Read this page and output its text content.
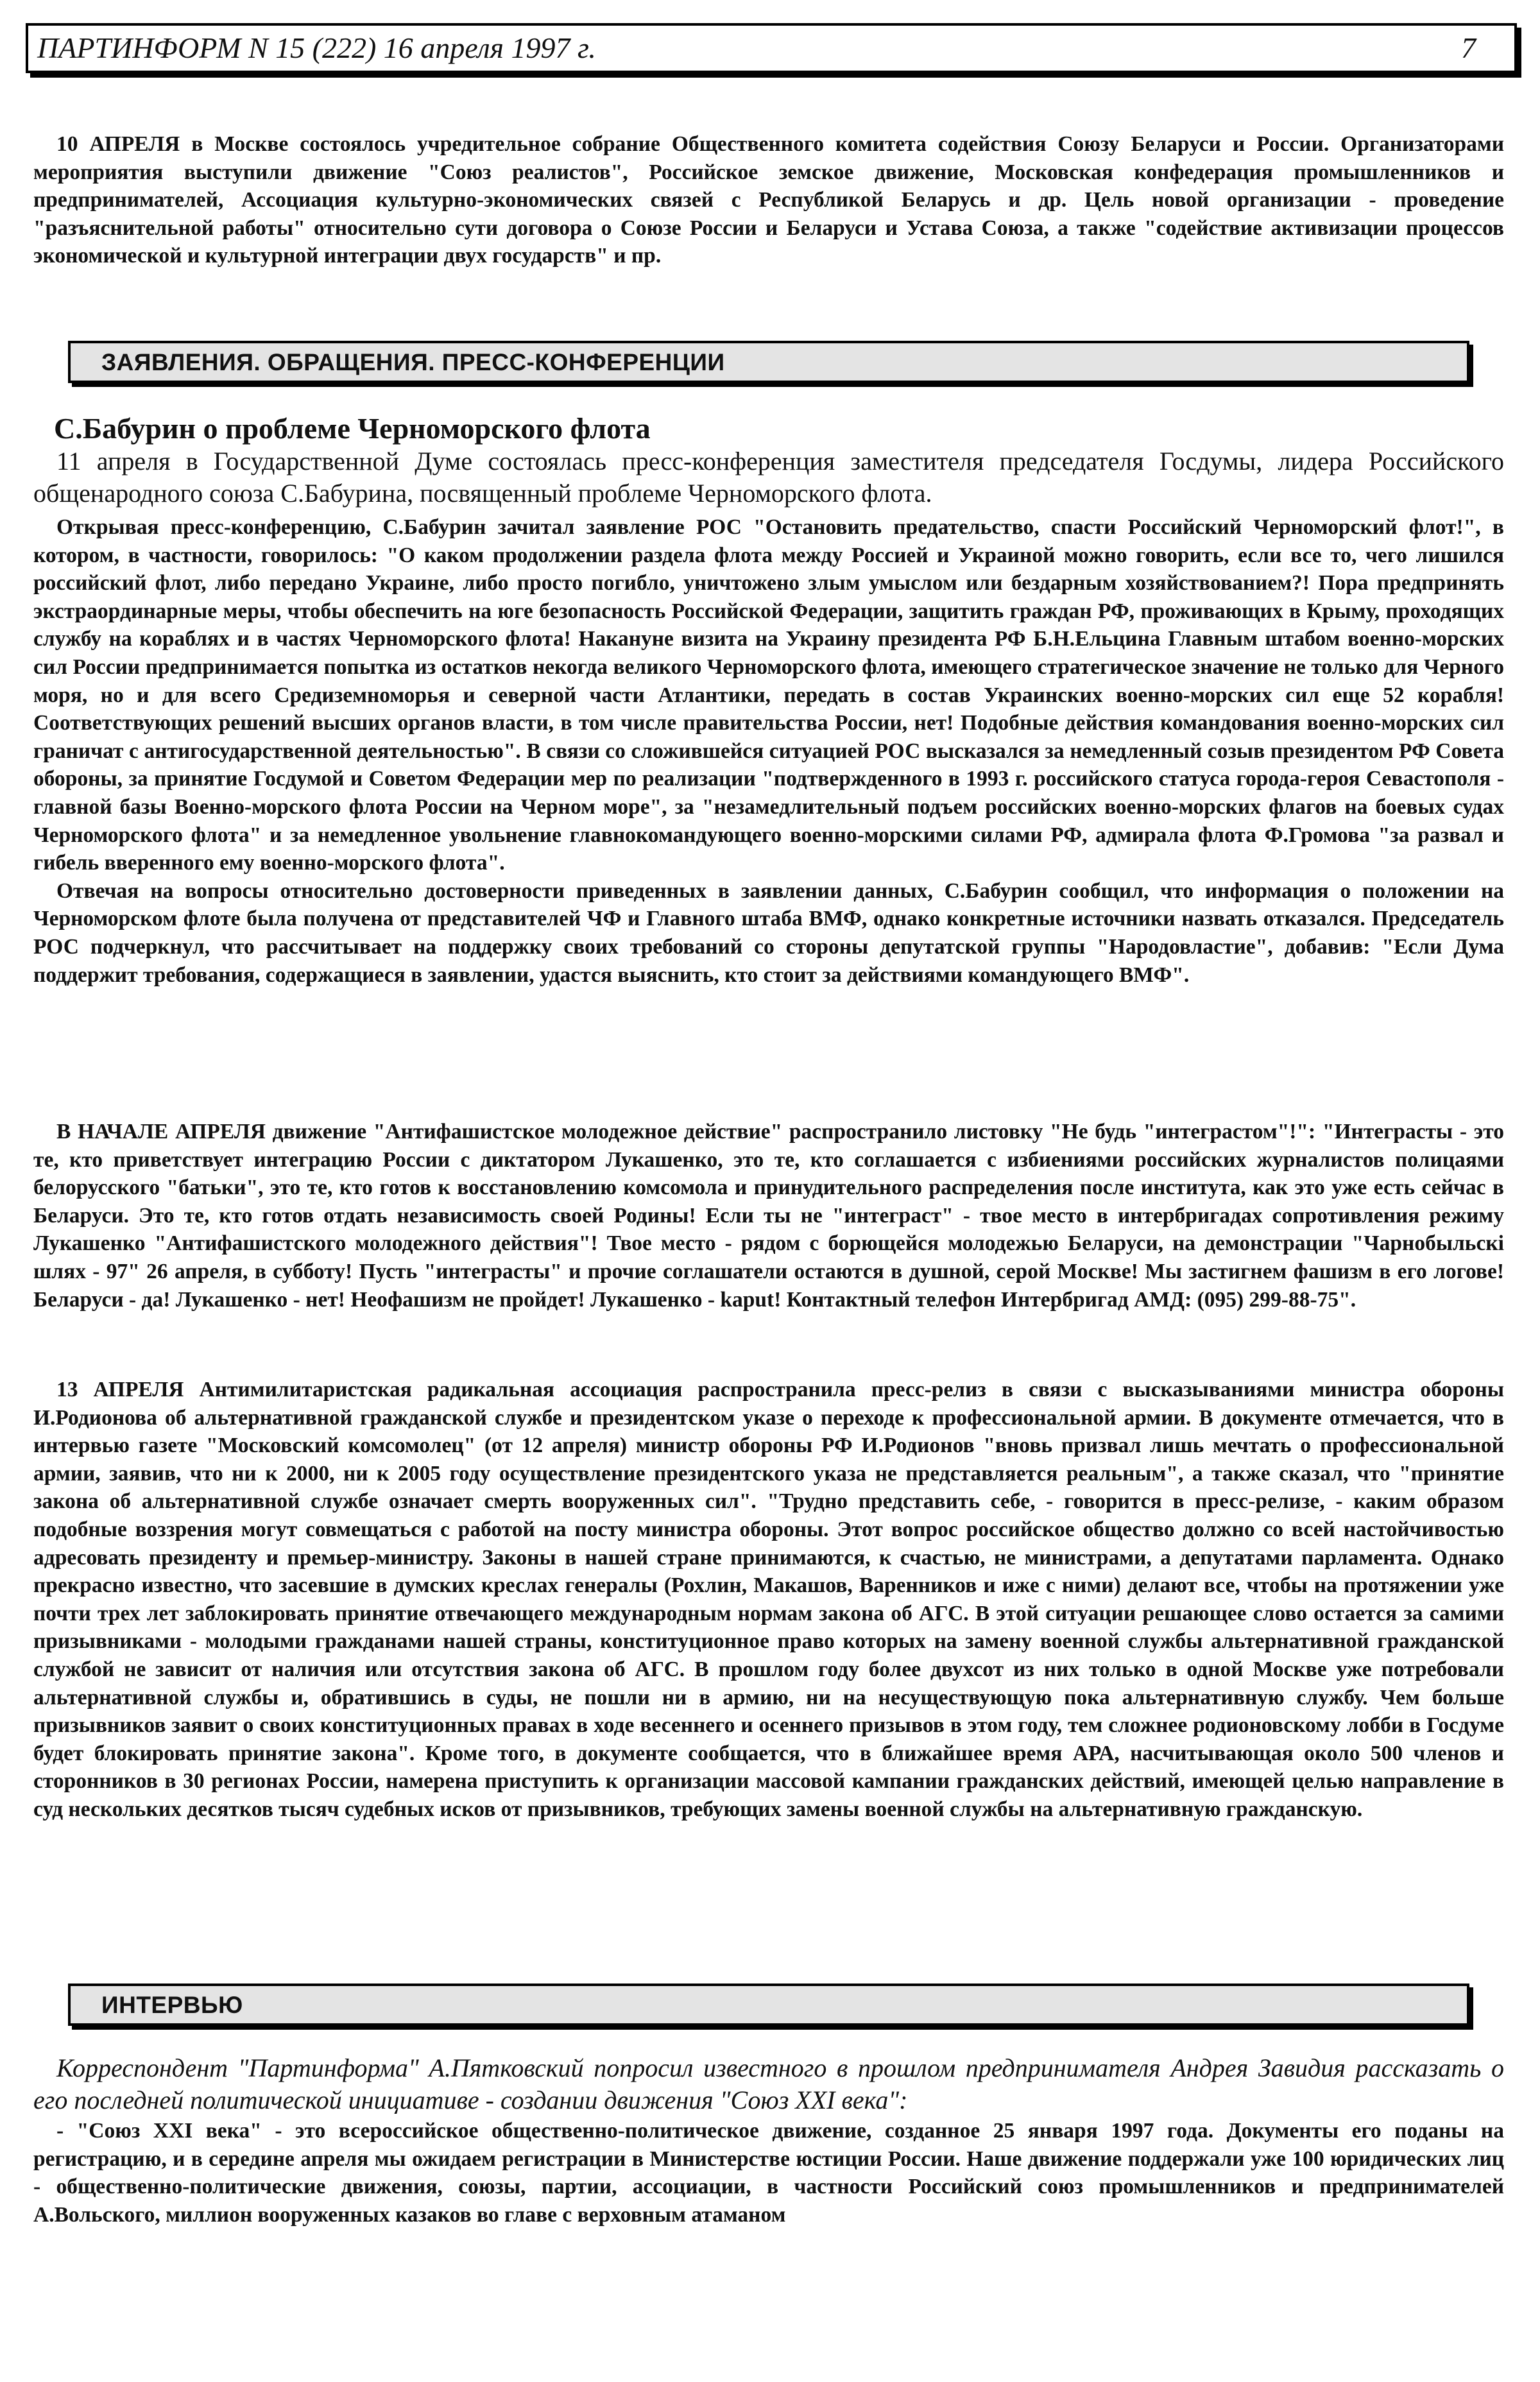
ПАРТИНФОРМ N 15 (222) 16 апреля 1997 г.	7

10 АПРЕЛЯ в Москве состоялось учредительное собрание Общественного комитета содействия Союзу Беларуси и России. Организаторами мероприятия выступили движение "Союз реалистов", Российское земское движение, Московская конфедерация промышленников и предпринимателей, Ассоциация культурно-экономических связей с Республикой Беларусь и др. Цель новой организации - проведение "разъяснительной работы" относительно сути договора о Союзе России и Беларуси и Устава Союза, а также "содействие активизации процессов экономической и культурной интеграции двух государств" и пр.

ЗАЯВЛЕНИЯ. ОБРАЩЕНИЯ. ПРЕСС-КОНФЕРЕНЦИИ
С.Бабурин о проблеме Черноморского флота
11 апреля в Государственной Думе состоялась пресс-конференция заместителя председателя Госдумы, лидера Российского общенародного союза С.Бабурина, посвященный проблеме Черноморского флота.

Открывая пресс-конференцию, С.Бабурин зачитал заявление РОС "Остановить предательство, спасти Российский Черноморский флот!", в котором, в частности, говорилось: "О каком продолжении раздела флота между Россией и Украиной можно говорить, если все то, чего лишился российский флот, либо передано Украине, либо просто погибло, уничтожено злым умыслом или бездарным хозяйствованием?! Пора предпринять экстраординарные меры, чтобы обеспечить на юге безопасность Российской Федерации, защитить граждан РФ, проживающих в Крыму, проходящих службу на кораблях и в частях Черноморского флота! Накануне визита на Украину президента РФ Б.Н.Ельцина Главным штабом военно-морских сил России предпринимается попытка из остатков некогда великого Черноморского флота, имеющего стратегическое значение не только для Черного моря, но и для всего Средиземноморья и северной части Атлантики, передать в состав Украинских военно-морских сил еще 52 корабля! Соответствующих решений высших органов власти, в том числе правительства России, нет! Подобные действия командования военно-морских сил граничат с антигосударственной деятельностью". В связи со сложившейся ситуацией РОС высказался за немедленный созыв президентом РФ Совета обороны, за принятие Госдумой и Советом Федерации мер по реализации "подтвержденного в 1993 г. российского статуса города-героя Севастополя - главной базы Военно-морского флота России на Черном море", за "незамедлительный подъем российских военно-морских флагов на боевых судах Черноморского флота" и за немедленное увольнение главнокомандующего военно-морскими силами РФ, адмирала флота Ф.Громова "за развал и гибель вверенного ему военно-морского флота".

Отвечая на вопросы относительно достоверности приведенных в заявлении данных, С.Бабурин сообщил, что информация о положении на Черноморском флоте была получена от представителей ЧФ и Главного штаба ВМФ, однако конкретные источники назвать отказался. Председатель РОС подчеркнул, что рассчитывает на поддержку своих требований со стороны депутатской группы "Народовластие", добавив: "Если Дума поддержит требования, содержащиеся в заявлении, удастся выяснить, кто стоит за действиями командующего ВМФ".

В НАЧАЛЕ АПРЕЛЯ движение "Антифашистское молодежное действие" распространило листовку "Не будь "интеграстом"!": "Интеграсты - это те, кто приветствует интеграцию России с диктатором Лукашенко, это те, кто соглашается с избиениями российских журналистов полицаями белорусского "батьки", это те, кто готов к восстановлению комсомола и принудительного распределения после института, как это уже есть сейчас в Беларуси. Это те, кто готов отдать независимость своей Родины! Если ты не "интеграст" - твое место в интербригадах сопротивления режиму Лукашенко "Антифашистского молодежного действия"! Твое место - рядом с борющейся молодежью Беларуси, на демонстрации "Чарнобыльскi шлях - 97" 26 апреля, в субботу! Пусть "интеграсты" и прочие соглашатели остаются в душной, серой Москве! Мы застигнем фашизм в его логове! Беларуси - да! Лукашенко - нет! Неофашизм не пройдет! Лукашенко - kaput! Контактный телефон Интербригад АМД: (095) 299-88-75".

13 АПРЕЛЯ Антимилитаристская радикальная ассоциация распространила пресс-релиз в связи с высказываниями министра обороны И.Родионова об альтернативной гражданской службе и президентском указе о переходе к профессиональной армии. В документе отмечается, что в интервью газете "Московский комсомолец" (от 12 апреля) министр обороны РФ И.Родионов "вновь призвал лишь мечтать о профессиональной армии, заявив, что ни к 2000, ни к 2005 году осуществление президентского указа не представляется реальным", а также сказал, что "принятие закона об альтернативной службе означает смерть вооруженных сил". "Трудно представить себе, - говорится в пресс-релизе, - каким образом подобные воззрения могут совмещаться с работой на посту министра обороны. Этот вопрос российское общество должно со всей настойчивостью адресовать президенту и премьер-министру. Законы в нашей стране принимаются, к счастью, не министрами, а депутатами парламента. Однако прекрасно известно, что засевшие в думских креслах генералы (Рохлин, Макашов, Варенников и иже с ними) делают все, чтобы на протяжении уже почти трех лет заблокировать принятие отвечающего международным нормам закона об АГС. В этой ситуации решающее слово остается за самими призывниками - молодыми гражданами нашей страны, конституционное право которых на замену военной службы альтернативной гражданской службой не зависит от наличия или отсутствия закона об АГС. В прошлом году более двухсот из них только в одной Москве уже потребовали альтернативной службы и, обратившись в суды, не пошли ни в армию, ни на несуществующую пока альтернативную службу. Чем больше призывников заявит о своих конституционных правах в ходе весеннего и осеннего призывов в этом году, тем сложнее родионовскому лобби в Госдуме будет блокировать принятие закона". Кроме того, в документе сообщается, что в ближайшее время АРА, насчитывающая около 500 членов и сторонников в 30 регионах России, намерена приступить к организации массовой кампании гражданских действий, имеющей целью направление в суд нескольких десятков тысяч судебных исков от призывников, требующих замены военной службы на альтернативную гражданскую.

ИНТЕРВЬЮ
Корреспондент "Партинформа" А.Пятковский попросил известного в прошлом предпринимателя Андрея Завидия рассказать о его последней политической инициативе - создании движения "Союз XXI века":

- "Союз XXI века" - это всероссийское общественно-политическое движение, созданное 25 января 1997 года. Документы его поданы на регистрацию, и в середине апреля мы ожидаем регистрации в Министерстве юстиции России. Наше движение поддержали уже 100 юридических лиц - общественно-политические движения, союзы, партии, ассоциации, в частности Российский союз промышленников и предпринимателей А.Вольского, миллион вооруженных казаков во главе с верховным атаманом
